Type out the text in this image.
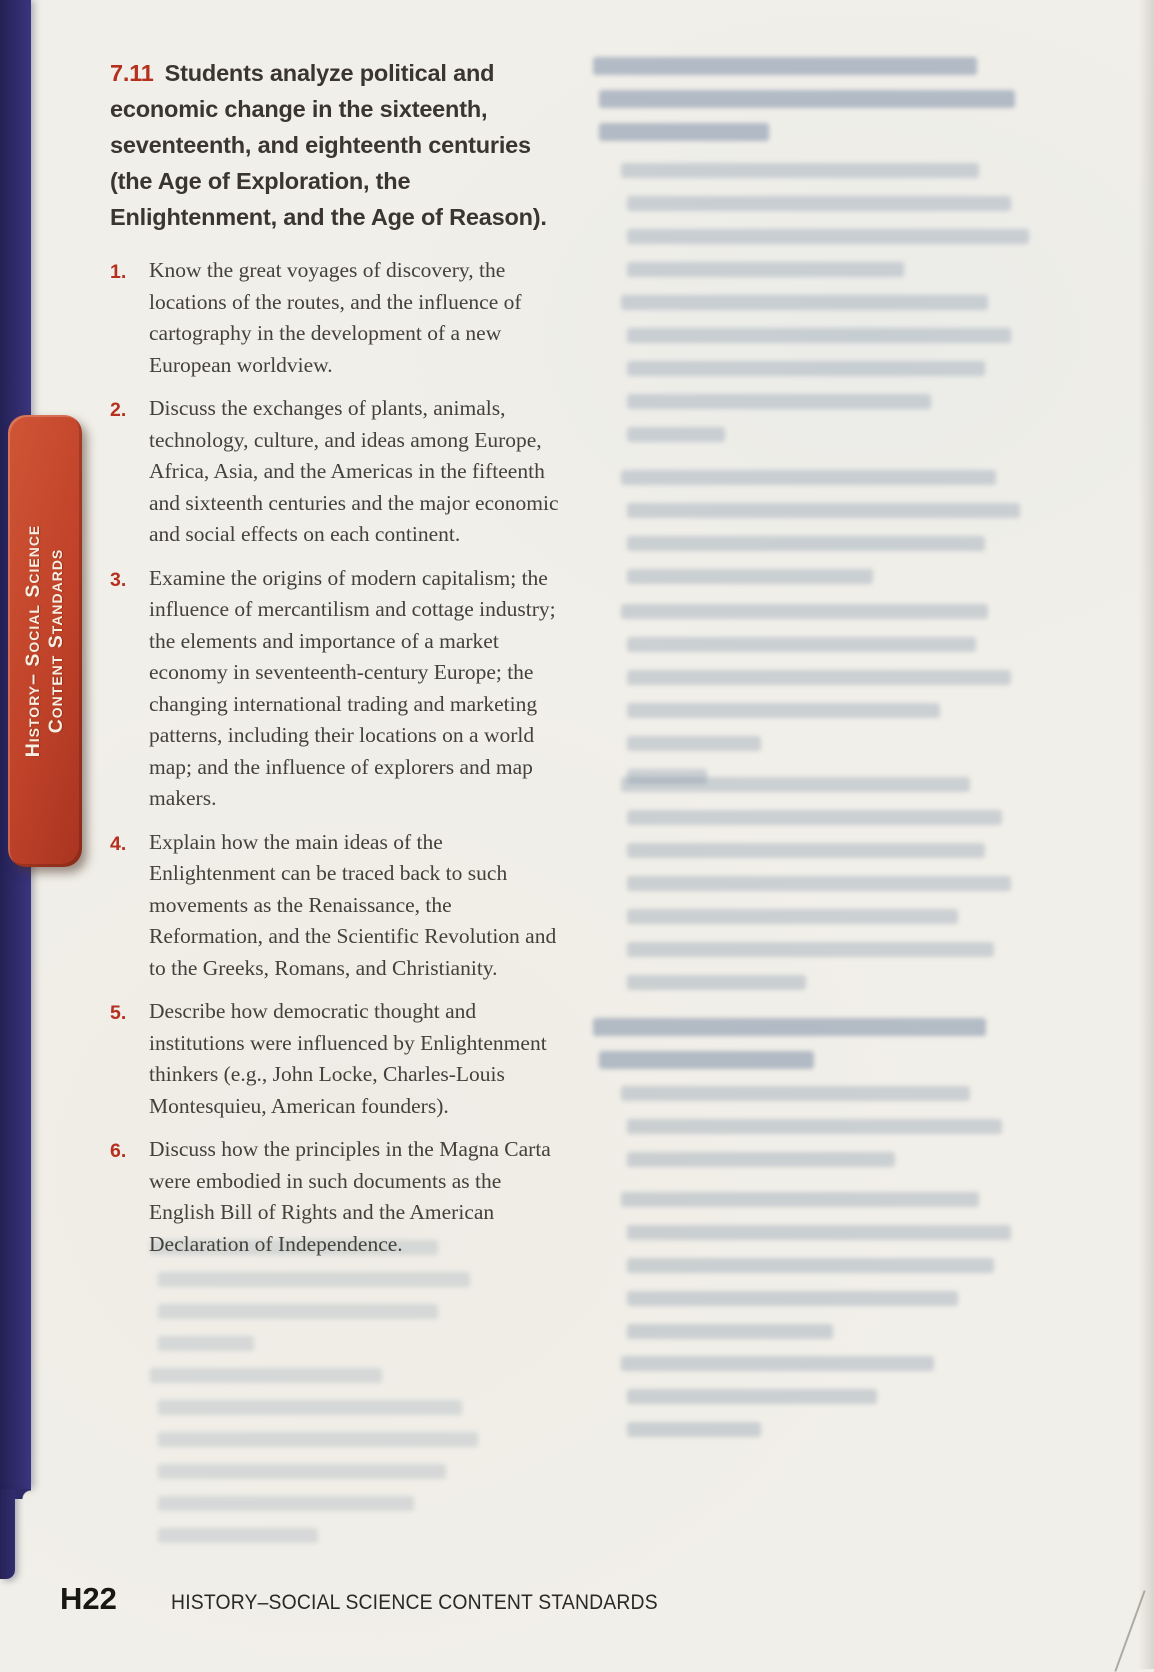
History– Social Science Content Standards
7.11 Students analyze political and economic change in the sixteenth, seventeenth, and eighteenth centuries (the Age of Exploration, the Enlightenment, and the Age of Reason).
1.	Know the great voyages of discovery, the locations of the routes, and the influence of cartography in the development of a new European worldview.
2.	Discuss the exchanges of plants, animals, technology, culture, and ideas among Europe, Africa, Asia, and the Americas in the fifteenth and sixteenth centuries and the major economic and social effects on each continent.
3.	Examine the origins of modern capitalism; the influence of mercantilism and cottage industry; the elements and importance of a market economy in seventeenth-century Europe; the changing international trading and marketing patterns, including their locations on a world map; and the influence of explorers and map makers.
4.	Explain how the main ideas of the Enlightenment can be traced back to such movements as the Renaissance, the Reformation, and the Scientific Revolution and to the Greeks, Romans, and Christianity.
5.	Describe how democratic thought and institutions were influenced by Enlightenment thinkers (e.g., John Locke, Charles-Louis Montesquieu, American founders).
6.	Discuss how the principles in the Magna Carta were embodied in such documents as the English Bill of Rights and the American Declaration of Independence.
H22	HISTORY–SOCIAL SCIENCE CONTENT STANDARDS
